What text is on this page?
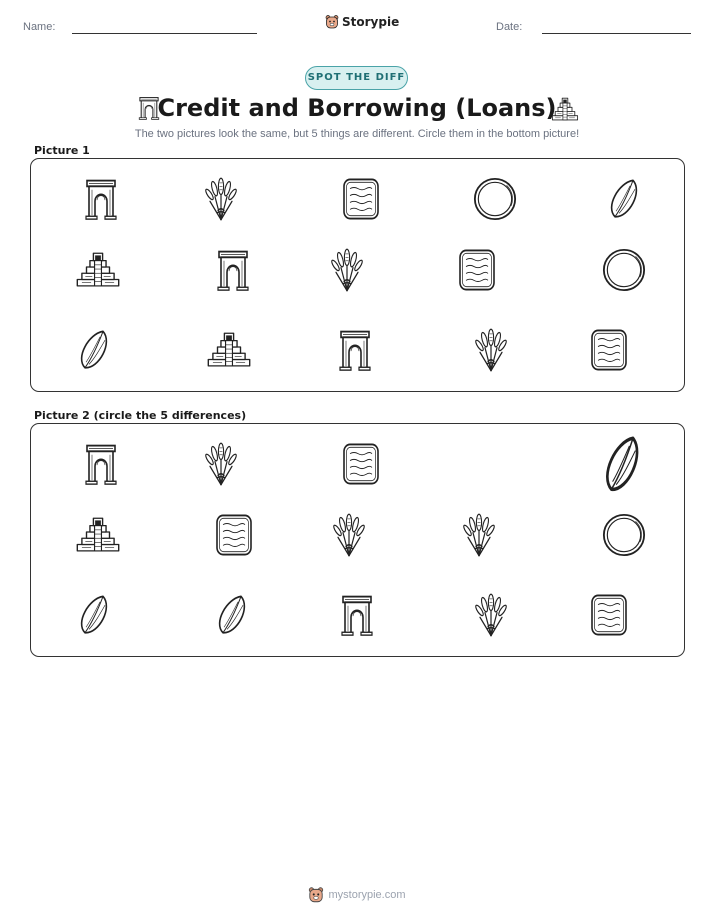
Name:	Storypie	Date:
SPOT THE DIFF
Credit and Borrowing (Loans)
The two pictures look the same, but 5 things are different. Circle them in the bottom picture!
Picture 1
Picture 2 (circle the 5 differences)
mystorypie.com
